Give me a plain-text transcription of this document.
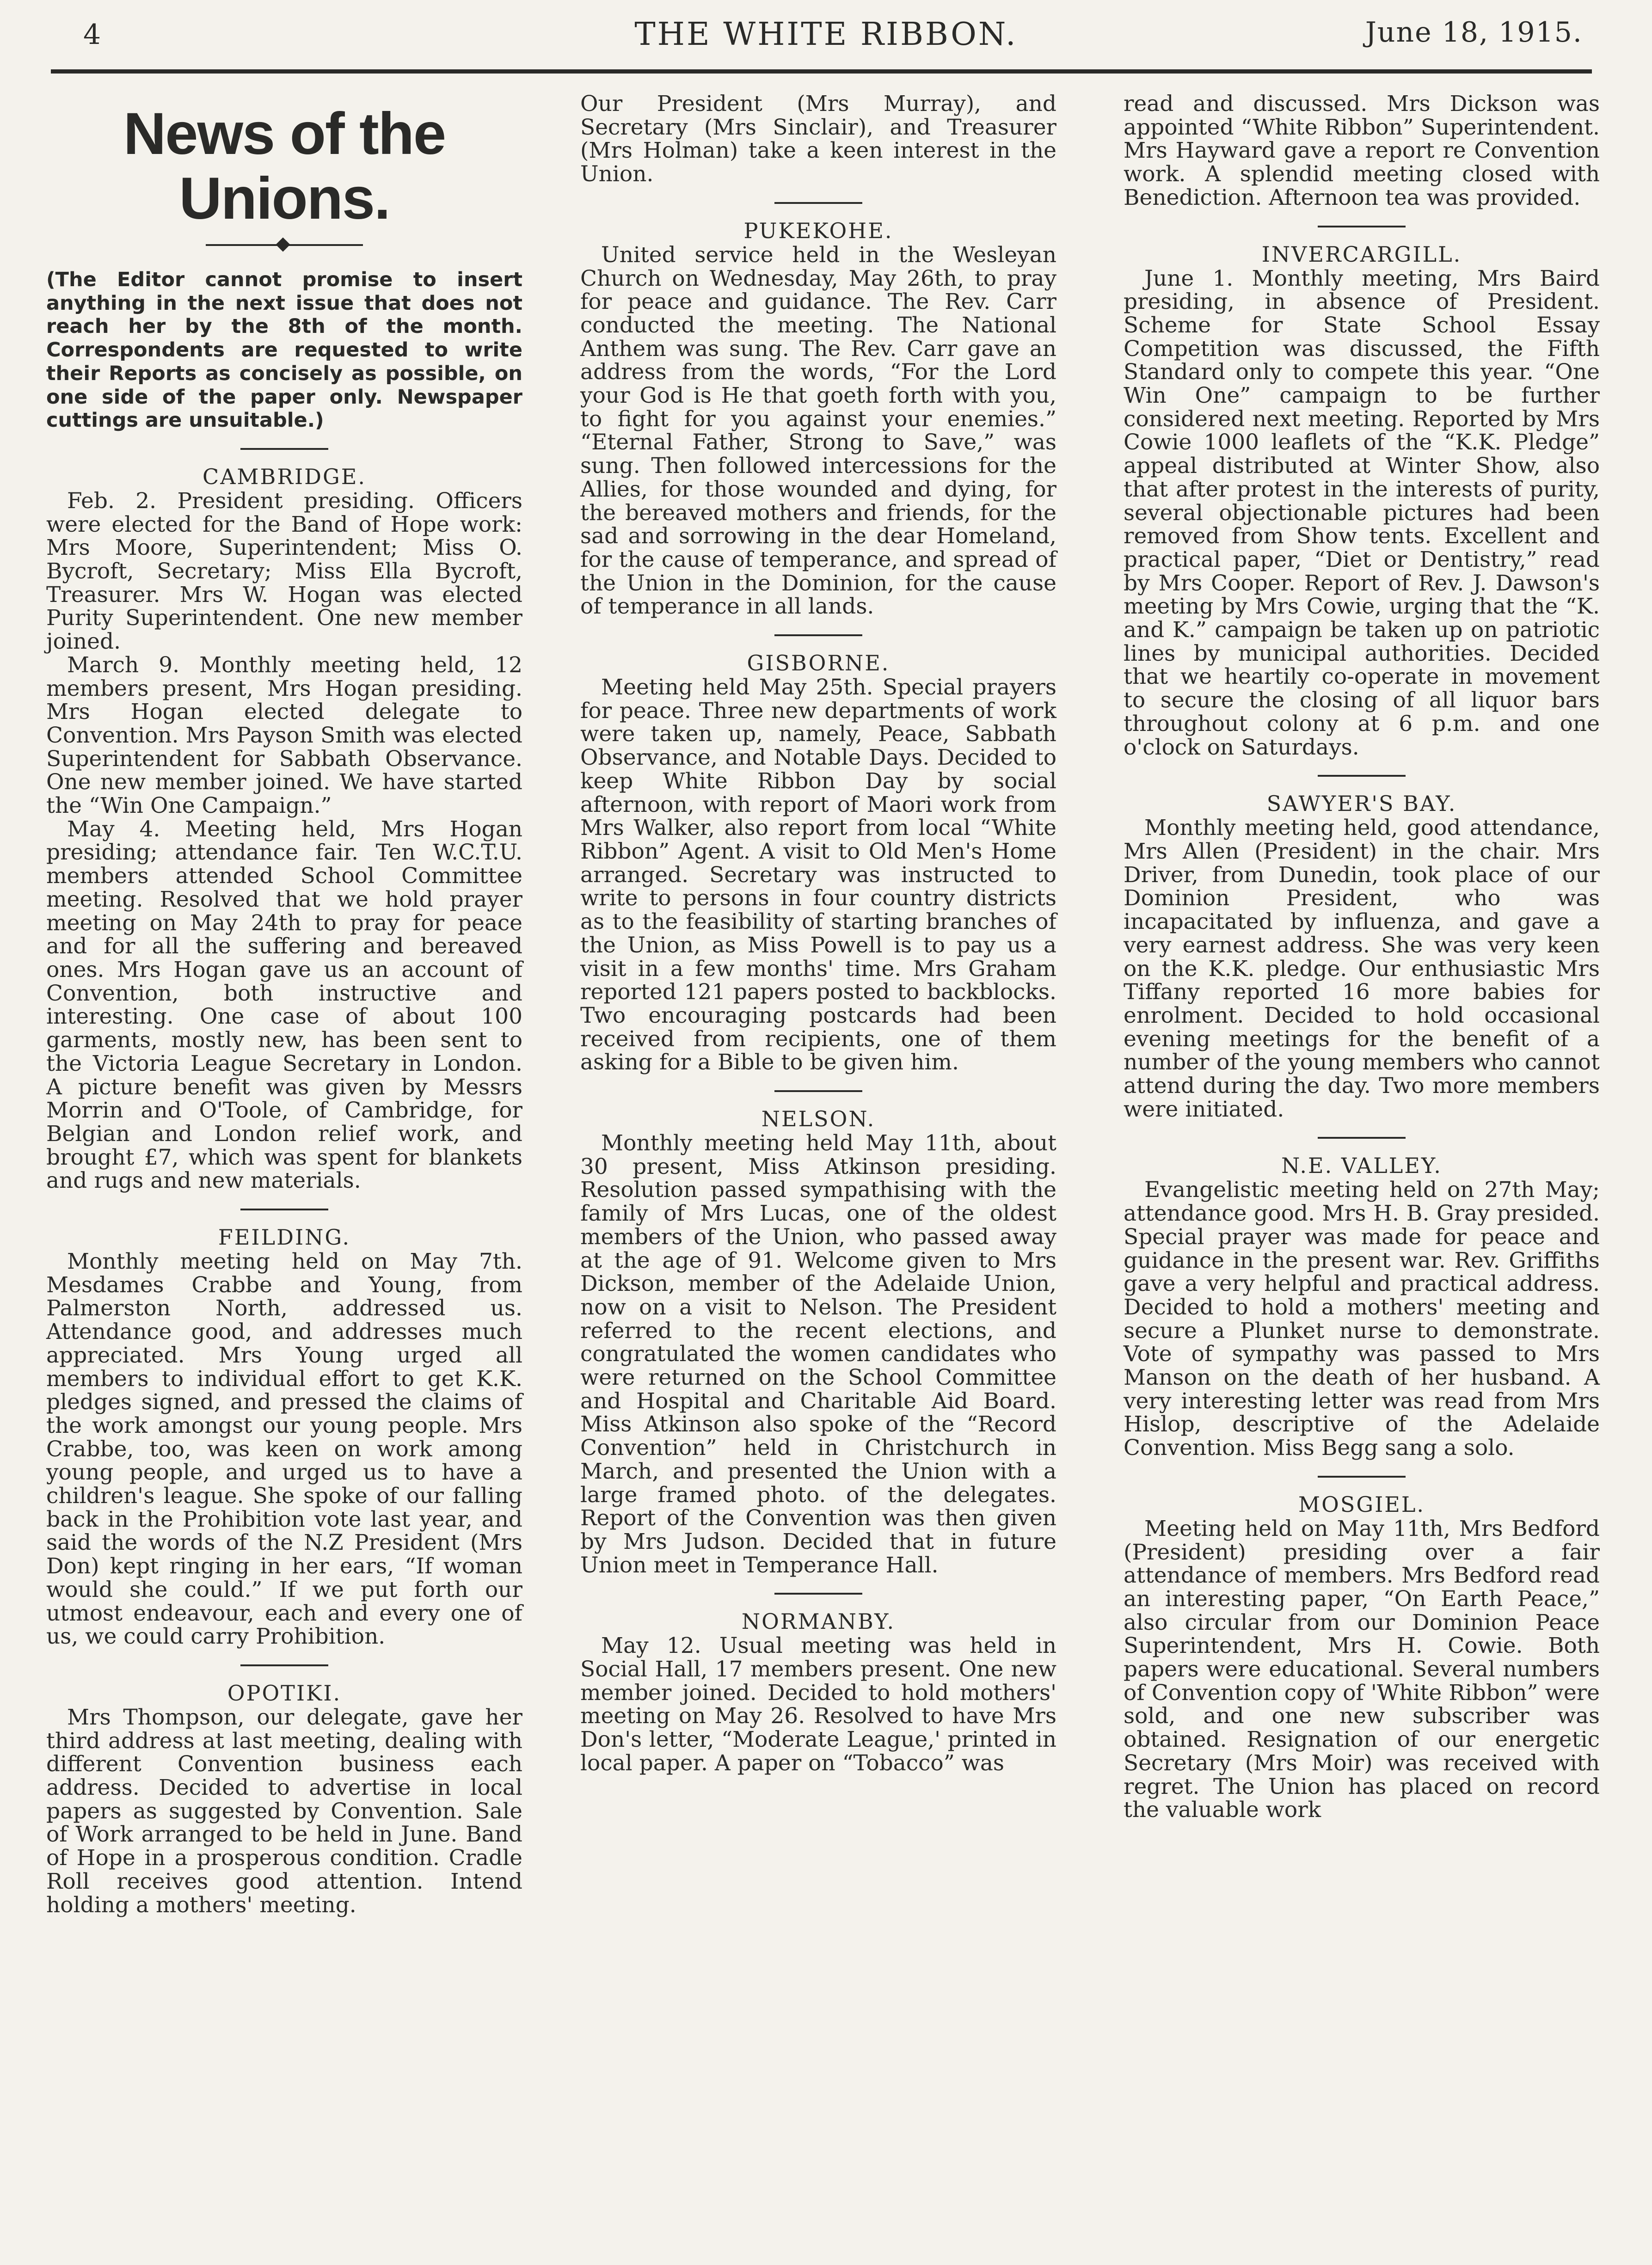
4	THE WHITE RIBBON.	June 18, 1915.
News of the Unions.
(The Editor cannot promise to insert anything in the next issue that does not reach her by the 8th of the month. Correspondents are requested to write their Reports as concisely as possible, on one side of the paper only. Newspaper cuttings are unsuitable.)
CAMBRIDGE.

Feb. 2. President presiding. Officers were elected for the Band of Hope work: Mrs Moore, Superintendent; Miss O. Bycroft, Secretary; Miss Ella Bycroft, Treasurer. Mrs W. Hogan was elected Purity Superintendent. One new member joined.

March 9. Monthly meeting held, 12 members present, Mrs Hogan presiding. Mrs Hogan elected delegate to Convention. Mrs Payson Smith was elected Superintendent for Sabbath Observance. One new member joined. We have started the “Win One Campaign.”

May 4. Meeting held, Mrs Hogan presiding; attendance fair. Ten W.C.T.U. members attended School Committee meeting. Resolved that we hold prayer meeting on May 24th to pray for peace and for all the suffering and bereaved ones. Mrs Hogan gave us an account of Convention, both instructive and interesting. One case of about 100 garments, mostly new, has been sent to the Victoria League Secretary in London. A picture benefit was given by Messrs Morrin and O'Toole, of Cambridge, for Belgian and London relief work, and brought £7, which was spent for blankets and rugs and new materials.

FEILDING.

Monthly meeting held on May 7th. Mesdames Crabbe and Young, from Palmerston North, addressed us. Attendance good, and addresses much appreciated. Mrs Young urged all members to individual effort to get K.K. pledges signed, and pressed the claims of the work amongst our young people. Mrs Crabbe, too, was keen on work among young people, and urged us to have a children's league. She spoke of our falling back in the Prohibition vote last year, and said the words of the N.Z President (Mrs Don) kept ringing in her ears, “If woman would she could.” If we put forth our utmost endeavour, each and every one of us, we could carry Prohibition.

OPOTIKI.

Mrs Thompson, our delegate, gave her third address at last meeting, dealing with different Convention business each address. Decided to advertise in local papers as suggested by Convention. Sale of Work arranged to be held in June. Band of Hope in a prosperous condition. Cradle Roll receives good attention. Intend holding a mothers' meeting.

Our President (Mrs Murray), and Secretary (Mrs Sinclair), and Treasurer (Mrs Holman) take a keen interest in the Union.

PUKEKOHE.

United service held in the Wesleyan Church on Wednesday, May 26th, to pray for peace and guidance. The Rev. Carr conducted the meeting. The National Anthem was sung. The Rev. Carr gave an address from the words, “For the Lord your God is He that goeth forth with you, to fight for you against your enemies.” “Eternal Father, Strong to Save,” was sung. Then followed intercessions for the Allies, for those wounded and dying, for the bereaved mothers and friends, for the sad and sorrowing in the dear Homeland, for the cause of temperance, and spread of the Union in the Dominion, for the cause of temperance in all lands.

GISBORNE.

Meeting held May 25th. Special prayers for peace. Three new departments of work were taken up, namely, Peace, Sabbath Observance, and Notable Days. Decided to keep White Ribbon Day by social afternoon, with report of Maori work from Mrs Walker, also report from local “White Ribbon” Agent. A visit to Old Men's Home arranged. Secretary was instructed to write to persons in four country districts as to the feasibility of starting branches of the Union, as Miss Powell is to pay us a visit in a few months' time. Mrs Graham reported 121 papers posted to backblocks. Two encouraging postcards had been received from recipients, one of them asking for a Bible to be given him.

NELSON.

Monthly meeting held May 11th, about 30 present, Miss Atkinson presiding. Resolution passed sympathising with the family of Mrs Lucas, one of the oldest members of the Union, who passed away at the age of 91. Welcome given to Mrs Dickson, member of the Adelaide Union, now on a visit to Nelson. The President referred to the recent elections, and congratulated the women candidates who were returned on the School Committee and Hospital and Charitable Aid Board. Miss Atkinson also spoke of the “Record Convention” held in Christchurch in March, and presented the Union with a large framed photo. of the delegates. Report of the Convention was then given by Mrs Judson. Decided that in future Union meet in Temperance Hall.

NORMANBY.

May 12. Usual meeting was held in Social Hall, 17 members present. One new member joined. Decided to hold mothers' meeting on May 26. Resolved to have Mrs Don's letter, “Moderate League,' printed in local paper. A paper on “Tobacco” was

read and discussed. Mrs Dickson was appointed “White Ribbon” Superintendent. Mrs Hayward gave a report re Convention work. A splendid meeting closed with Benediction. Afternoon tea was provided.

INVERCARGILL.

June 1. Monthly meeting, Mrs Baird presiding, in absence of President. Scheme for State School Essay Competition was discussed, the Fifth Standard only to compete this year. “One Win One” campaign to be further considered next meeting. Reported by Mrs Cowie 1000 leaflets of the “K.K. Pledge” appeal distributed at Winter Show, also that after protest in the interests of purity, several objectionable pictures had been removed from Show tents. Excellent and practical paper, “Diet or Dentistry,” read by Mrs Cooper. Report of Rev. J. Dawson's meeting by Mrs Cowie, urging that the “K. and K.” campaign be taken up on patriotic lines by municipal authorities. Decided that we heartily co-operate in movement to secure the closing of all liquor bars throughout colony at 6 p.m. and one o'clock on Saturdays.

SAWYER'S BAY.

Monthly meeting held, good attendance, Mrs Allen (President) in the chair. Mrs Driver, from Dunedin, took place of our Dominion President, who was incapacitated by influenza, and gave a very earnest address. She was very keen on the K.K. pledge. Our enthusiastic Mrs Tiffany reported 16 more babies for enrolment. Decided to hold occasional evening meetings for the benefit of a number of the young members who cannot attend during the day. Two more members were initiated.

N.E. VALLEY.

Evangelistic meeting held on 27th May; attendance good. Mrs H. B. Gray presided. Special prayer was made for peace and guidance in the present war. Rev. Griffiths gave a very helpful and practical address. Decided to hold a mothers' meeting and secure a Plunket nurse to demonstrate. Vote of sympathy was passed to Mrs Manson on the death of her husband. A very interesting letter was read from Mrs Hislop, descriptive of the Adelaide Convention. Miss Begg sang a solo.

MOSGIEL.

Meeting held on May 11th, Mrs Bedford (President) presiding over a fair attendance of members. Mrs Bedford read an interesting paper, “On Earth Peace,” also circular from our Dominion Peace Superintendent, Mrs H. Cowie. Both papers were educational. Several numbers of Convention copy of 'White Ribbon” were sold, and one new subscriber was obtained. Resignation of our energetic Secretary (Mrs Moir) was received with regret. The Union has placed on record the valuable work
